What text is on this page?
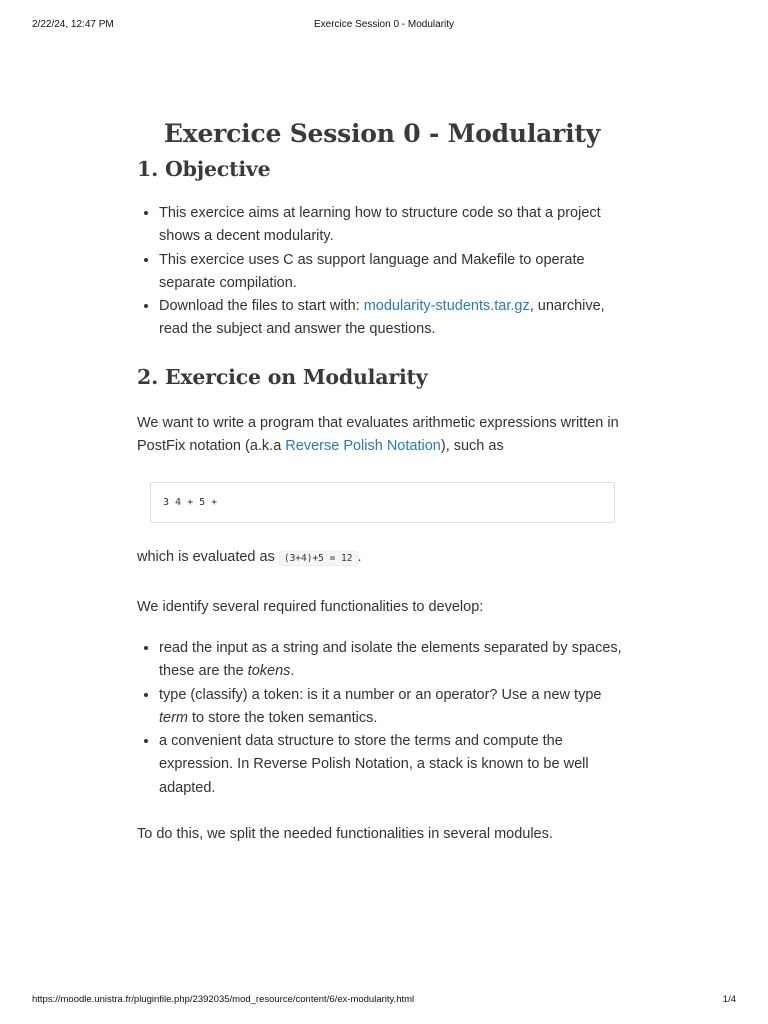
2/22/24, 12:47 PM	Exercice Session 0 - Modularity
Exercice Session 0 - Modularity
1. Objective
• This exercice aims at learning how to structure code so that a project shows a decent modularity.
• This exercice uses C as support language and Makefile to operate separate compilation.
• Download the files to start with: modularity-students.tar.gz, unarchive, read the subject and answer the questions.
2. Exercice on Modularity

We want to write a program that evaluates arithmetic expressions written in PostFix notation (a.k.a Reverse Polish Notation), such as

3 4 + 5 +

which is evaluated as (3+4)+5 = 12 .

We identify several required functionalities to develop:

• read the input as a string and isolate the elements separated by spaces, these are the tokens.
• type (classify) a token: is it a number or an operator? Use a new type term to store the token semantics.
• a convenient data structure to store the terms and compute the expression. In Reverse Polish Notation, a stack is known to be well adapted.

To do this, we split the needed functionalities in several modules.

https://moodle.unistra.fr/pluginfile.php/2392035/mod_resource/content/6/ex-modularity.html	1/4
